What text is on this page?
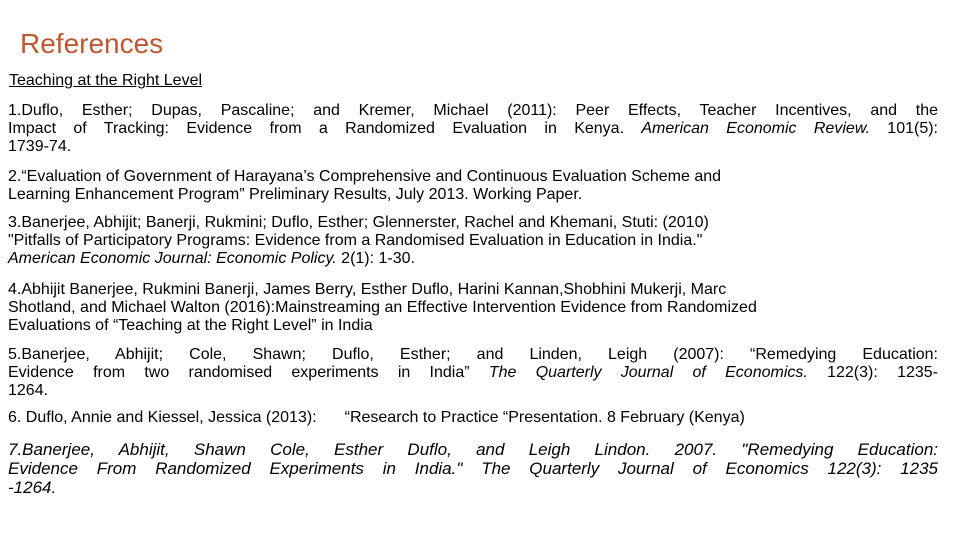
References
Teaching at the Right Level
1.Duflo, Esther; Dupas, Pascaline; and Kremer, Michael (2011): Peer Effects, Teacher Incentives, and the
Impact of Tracking: Evidence from a Randomized Evaluation in Kenya. American Economic Review. 101(5):
1739-74.
2.“Evaluation of Government of Harayana’s Comprehensive and Continuous Evaluation Scheme and
Learning Enhancement Program” Preliminary Results, July 2013. Working Paper.
3.Banerjee, Abhijit; Banerji, Rukmini; Duflo, Esther; Glennerster, Rachel and Khemani, Stuti: (2010)
"Pitfalls of Participatory Programs: Evidence from a Randomised Evaluation in Education in India."
American Economic Journal: Economic Policy. 2(1): 1-30.
4.Abhijit Banerjee, Rukmini Banerji, James Berry, Esther Duflo, Harini Kannan,Shobhini Mukerji, Marc
Shotland, and Michael Walton (2016):Mainstreaming an Effective Intervention Evidence from Randomized
Evaluations of “Teaching at the Right Level” in India
5.Banerjee, Abhijit; Cole, Shawn; Duflo, Esther; and Linden, Leigh (2007): “Remedying Education:
Evidence from two randomised experiments in India” The Quarterly Journal of Economics. 122(3): 1235-
1264.
6. Duflo, Annie and Kiessel, Jessica (2013): “Research to Practice “Presentation. 8 February (Kenya)
7.Banerjee, Abhijit, Shawn Cole, Esther Duflo, and Leigh Lindon. 2007. "Remedying Education:
Evidence From Randomized Experiments in India." The Quarterly Journal of Economics 122(3): 1235
-1264.
